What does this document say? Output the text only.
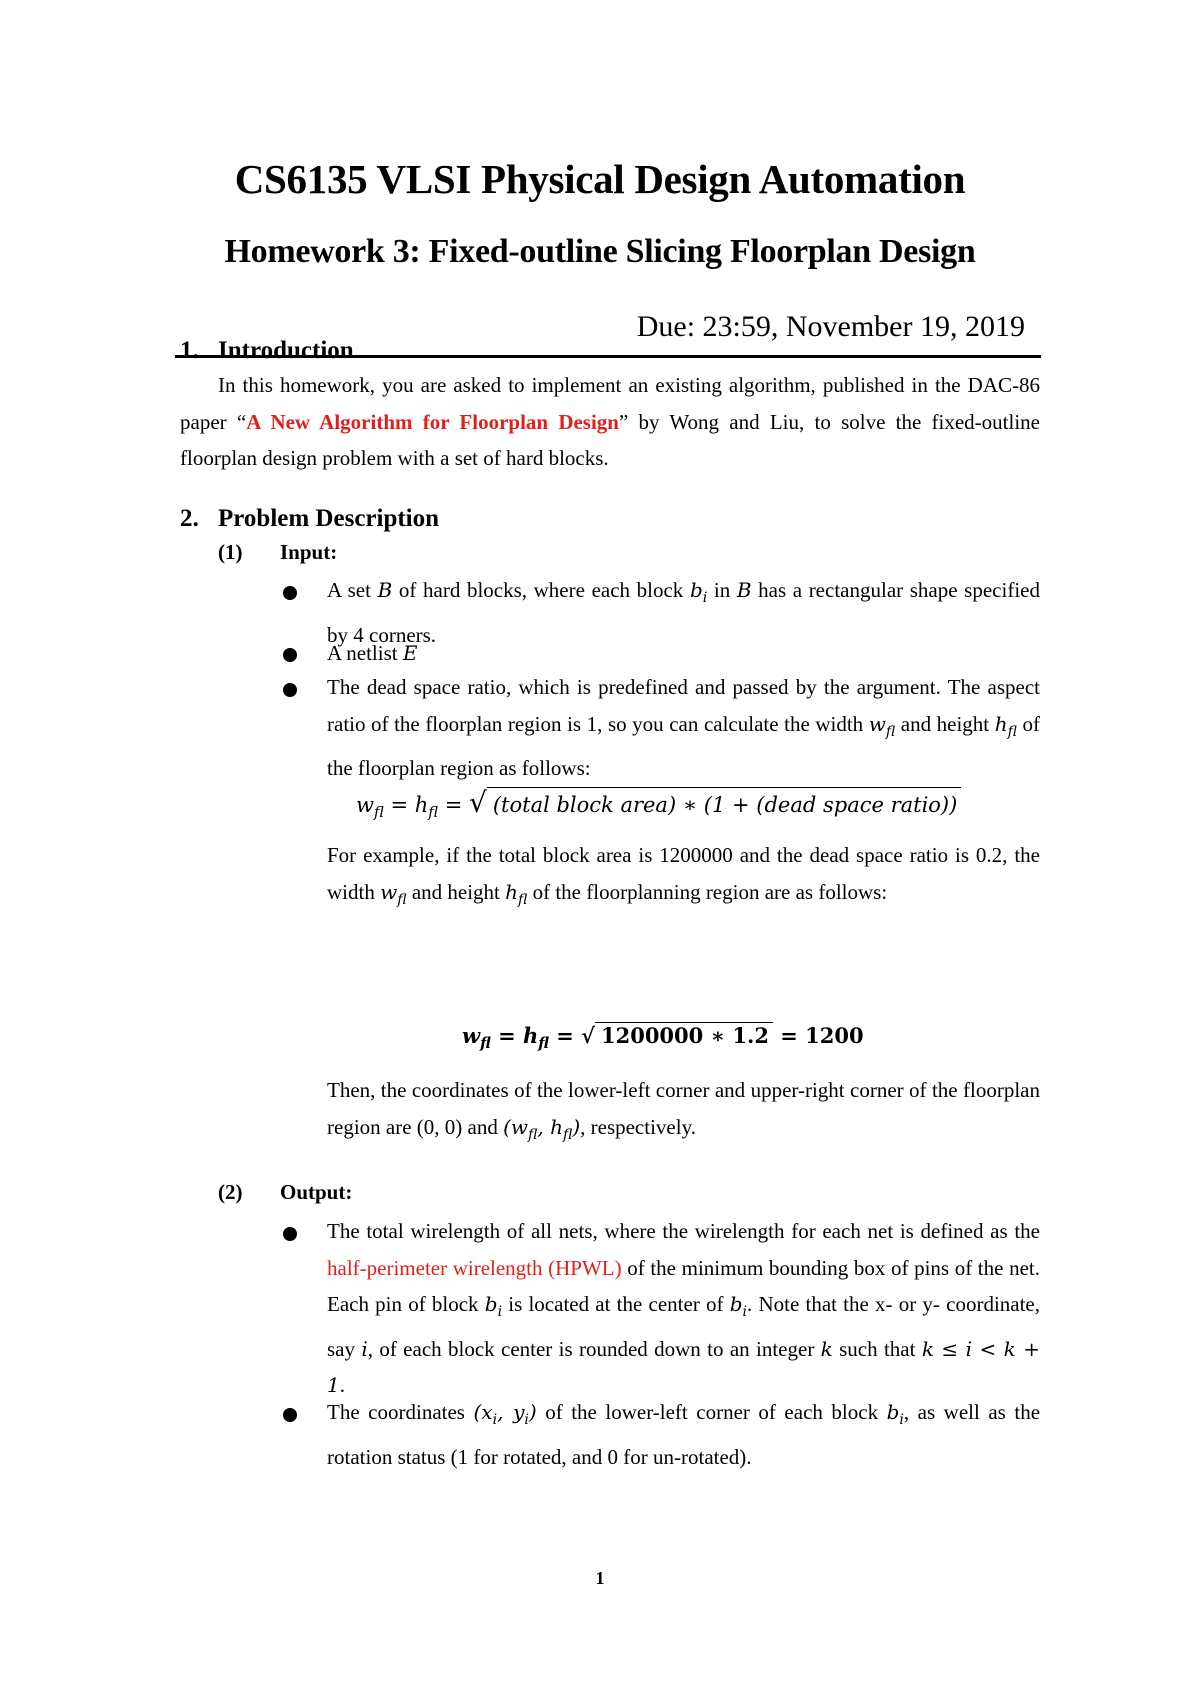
CS6135 VLSI Physical Design Automation
Homework 3: Fixed-outline Slicing Floorplan Design
Due: 23:59, November 19, 2019
1. Introduction
In this homework, you are asked to implement an existing algorithm, published in the DAC-86 paper “A New Algorithm for Floorplan Design” by Wong and Liu, to solve the fixed-outline floorplan design problem with a set of hard blocks.
2. Problem Description
(1) Input:
A set B of hard blocks, where each block $b_i$ in B has a rectangular shape specified by 4 corners.
A netlist E
The dead space ratio, which is predefined and passed by the argument. The aspect ratio of the floorplan region is 1, so you can calculate the width $w_{fl}$ and height $h_{fl}$ of the floorplan region as follows:
$w_{fl} = h_{fl}$ = √ (total block area) ∗ (1 + (dead space ratio))
For example, if the total block area is 1200000 and the dead space ratio is 0.2, the width $w_{fl}$ and height $h_{fl}$ of the floorplanning region are as follows:
$w_{fl} = h_{fl}$ = √ 1200000 ∗ 1.2 = 1200
Then, the coordinates of the lower-left corner and upper-right corner of the floorplan region are (0, 0) and ($w_{fl}$, $h_{fl}$), respectively.
(2) Output:
The total wirelength of all nets, where the wirelength for each net is defined as the half-perimeter wirelength (HPWL) of the minimum bounding box of pins of the net. Each pin of block $b_i$ is located at the center of $b_i$. Note that the x- or y- coordinate, say i, of each block center is rounded down to an integer k such that k ≤ i < k + 1.
The coordinates ($x_i$, $y_i$) of the lower-left corner of each block $b_i$, as well as the rotation status (1 for rotated, and 0 for un-rotated).
1
